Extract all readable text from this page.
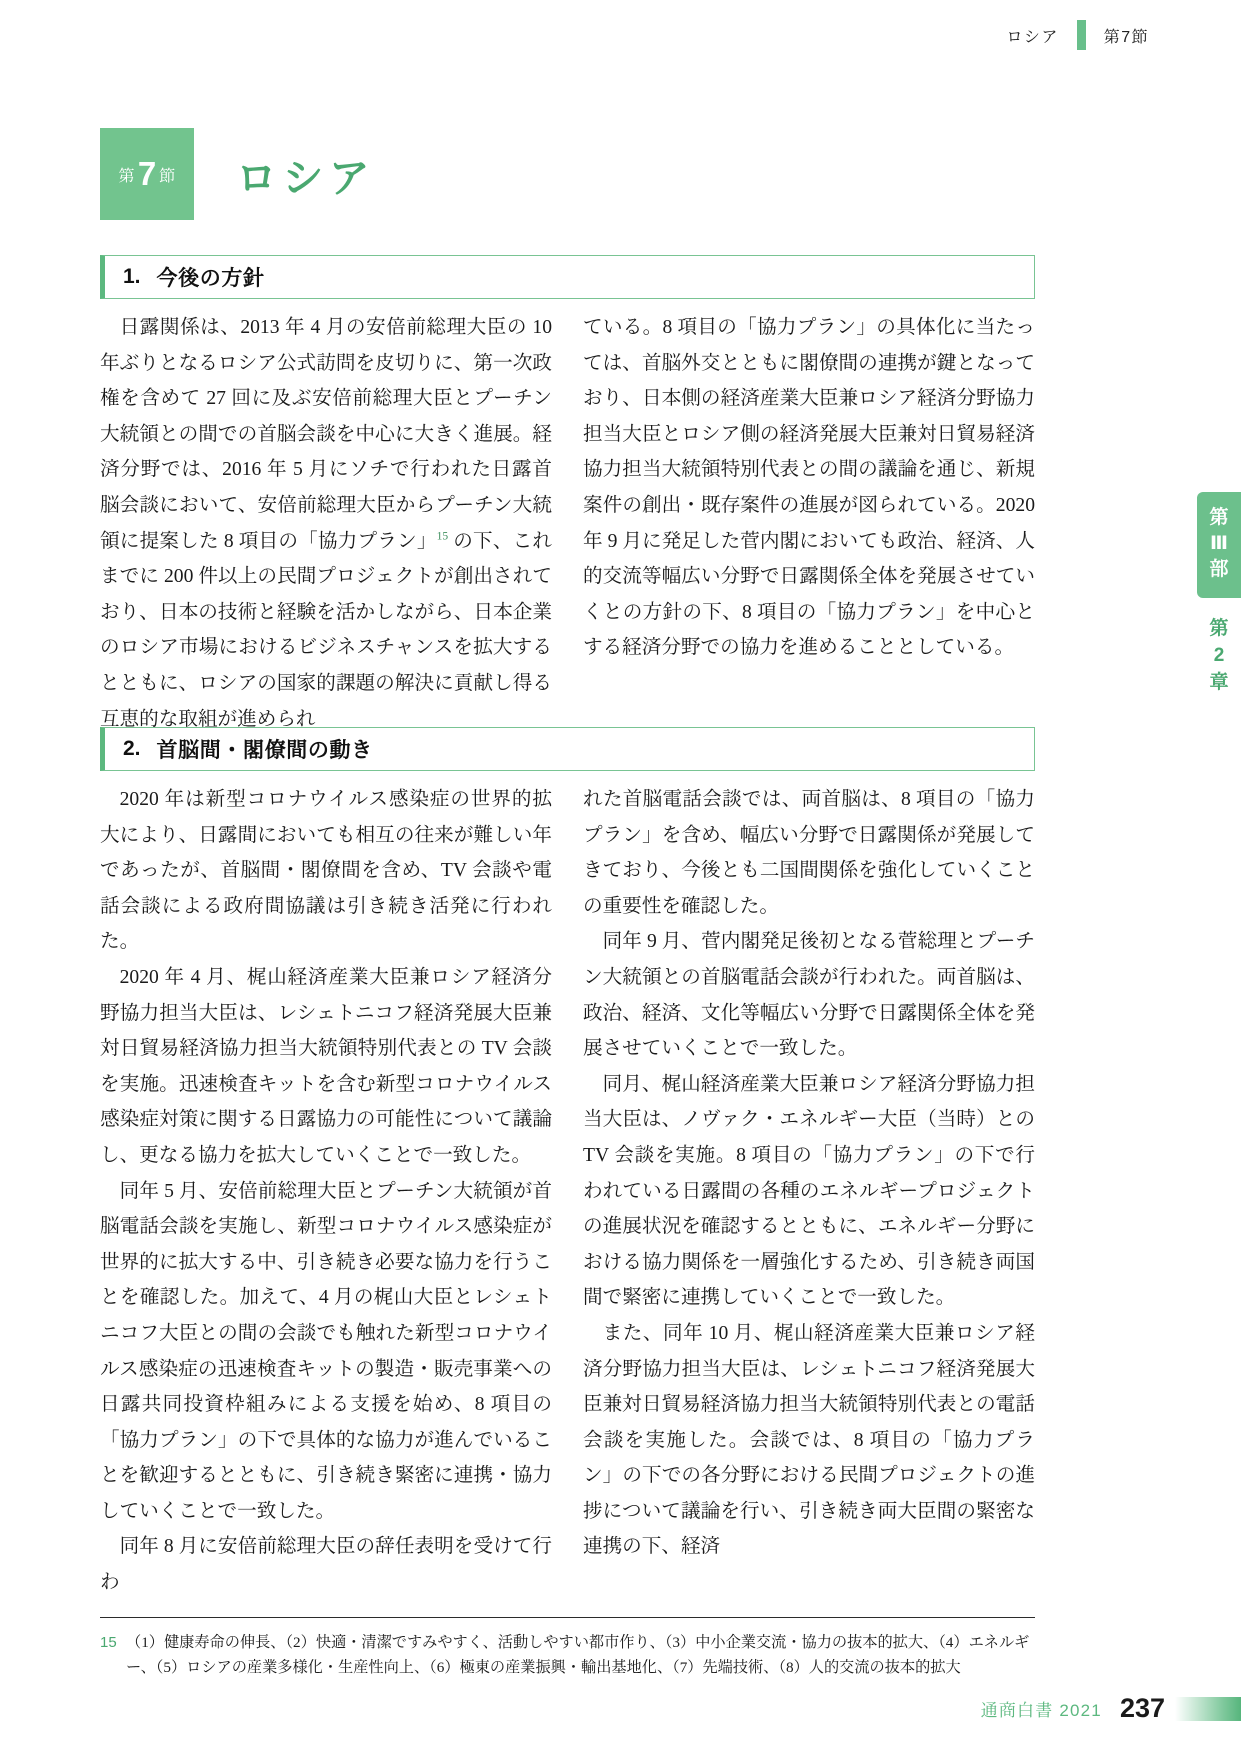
ロシア	第7節
第 7 節 ロシア
1. 今後の方針

日露関係は、2013 年 4 月の安倍前総理大臣の 10 年ぶりとなるロシア公式訪問を皮切りに、第一次政権を含めて 27 回に及ぶ安倍前総理大臣とプーチン大統領との間での首脳会談を中心に大きく進展。経済分野では、2016 年 5 月にソチで行われた日露首脳会談において、安倍前総理大臣からプーチン大統領に提案した 8 項目の「協力プラン」$^{15}$ の下、これまでに 200 件以上の民間プロジェクトが創出されており、日本の技術と経験を活かしながら、日本企業のロシア市場におけるビジネスチャンスを拡大するとともに、ロシアの国家的課題の解決に貢献し得る互恵的な取組が進められ

ている。8 項目の「協力プラン」の具体化に当たっては、首脳外交とともに閣僚間の連携が鍵となっており、日本側の経済産業大臣兼ロシア経済分野協力担当大臣とロシア側の経済発展大臣兼対日貿易経済協力担当大統領特別代表との間の議論を通じ、新規案件の創出・既存案件の進展が図られている。2020 年 9 月に発足した菅内閣においても政治、経済、人的交流等幅広い分野で日露関係全体を発展させていくとの方針の下、8 項目の「協力プラン」を中心とする経済分野での協力を進めることとしている。

2. 首脳間・閣僚間の動き

2020 年は新型コロナウイルス感染症の世界的拡大により、日露間においても相互の往来が難しい年であったが、首脳間・閣僚間を含め、TV 会談や電話会談による政府間協議は引き続き活発に行われた。

2020 年 4 月、梶山経済産業大臣兼ロシア経済分野協力担当大臣は、レシェトニコフ経済発展大臣兼対日貿易経済協力担当大統領特別代表との TV 会談を実施。迅速検査キットを含む新型コロナウイルス感染症対策に関する日露協力の可能性について議論し、更なる協力を拡大していくことで一致した。

同年 5 月、安倍前総理大臣とプーチン大統領が首脳電話会談を実施し、新型コロナウイルス感染症が世界的に拡大する中、引き続き必要な協力を行うことを確認した。加えて、4 月の梶山大臣とレシェトニコフ大臣との間の会談でも触れた新型コロナウイルス感染症の迅速検査キットの製造・販売事業への日露共同投資枠組みによる支援を始め、8 項目の「協力プラン」の下で具体的な協力が進んでいることを歓迎するとともに、引き続き緊密に連携・協力していくことで一致した。

同年 8 月に安倍前総理大臣の辞任表明を受けて行わ

れた首脳電話会談では、両首脳は、8 項目の「協力プラン」を含め、幅広い分野で日露関係が発展してきており、今後とも二国間関係を強化していくことの重要性を確認した。

同年 9 月、菅内閣発足後初となる菅総理とプーチン大統領との首脳電話会談が行われた。両首脳は、政治、経済、文化等幅広い分野で日露関係全体を発展させていくことで一致した。

同月、梶山経済産業大臣兼ロシア経済分野協力担当大臣は、ノヴァク・エネルギー大臣（当時）との TV 会談を実施。8 項目の「協力プラン」の下で行われている日露間の各種のエネルギープロジェクトの進展状況を確認するとともに、エネルギー分野における協力関係を一層強化するため、引き続き両国間で緊密に連携していくことで一致した。

また、同年 10 月、梶山経済産業大臣兼ロシア経済分野協力担当大臣は、レシェトニコフ経済発展大臣兼対日貿易経済協力担当大統領特別代表との電話会談を実施した。会談では、8 項目の「協力プラン」の下での各分野における民間プロジェクトの進捗について議論を行い、引き続き両大臣間の緊密な連携の下、経済

第
Ⅲ
部
第
2
章
15 （1）健康寿命の伸長、（2）快適・清潔ですみやすく、活動しやすい都市作り、（3）中小企業交流・協力の抜本的拡大、（4）エネルギー、（5）ロシアの産業多様化・生産性向上、（6）極東の産業振興・輸出基地化、（7）先端技術、（8）人的交流の抜本的拡大
通商白書 2021 237
